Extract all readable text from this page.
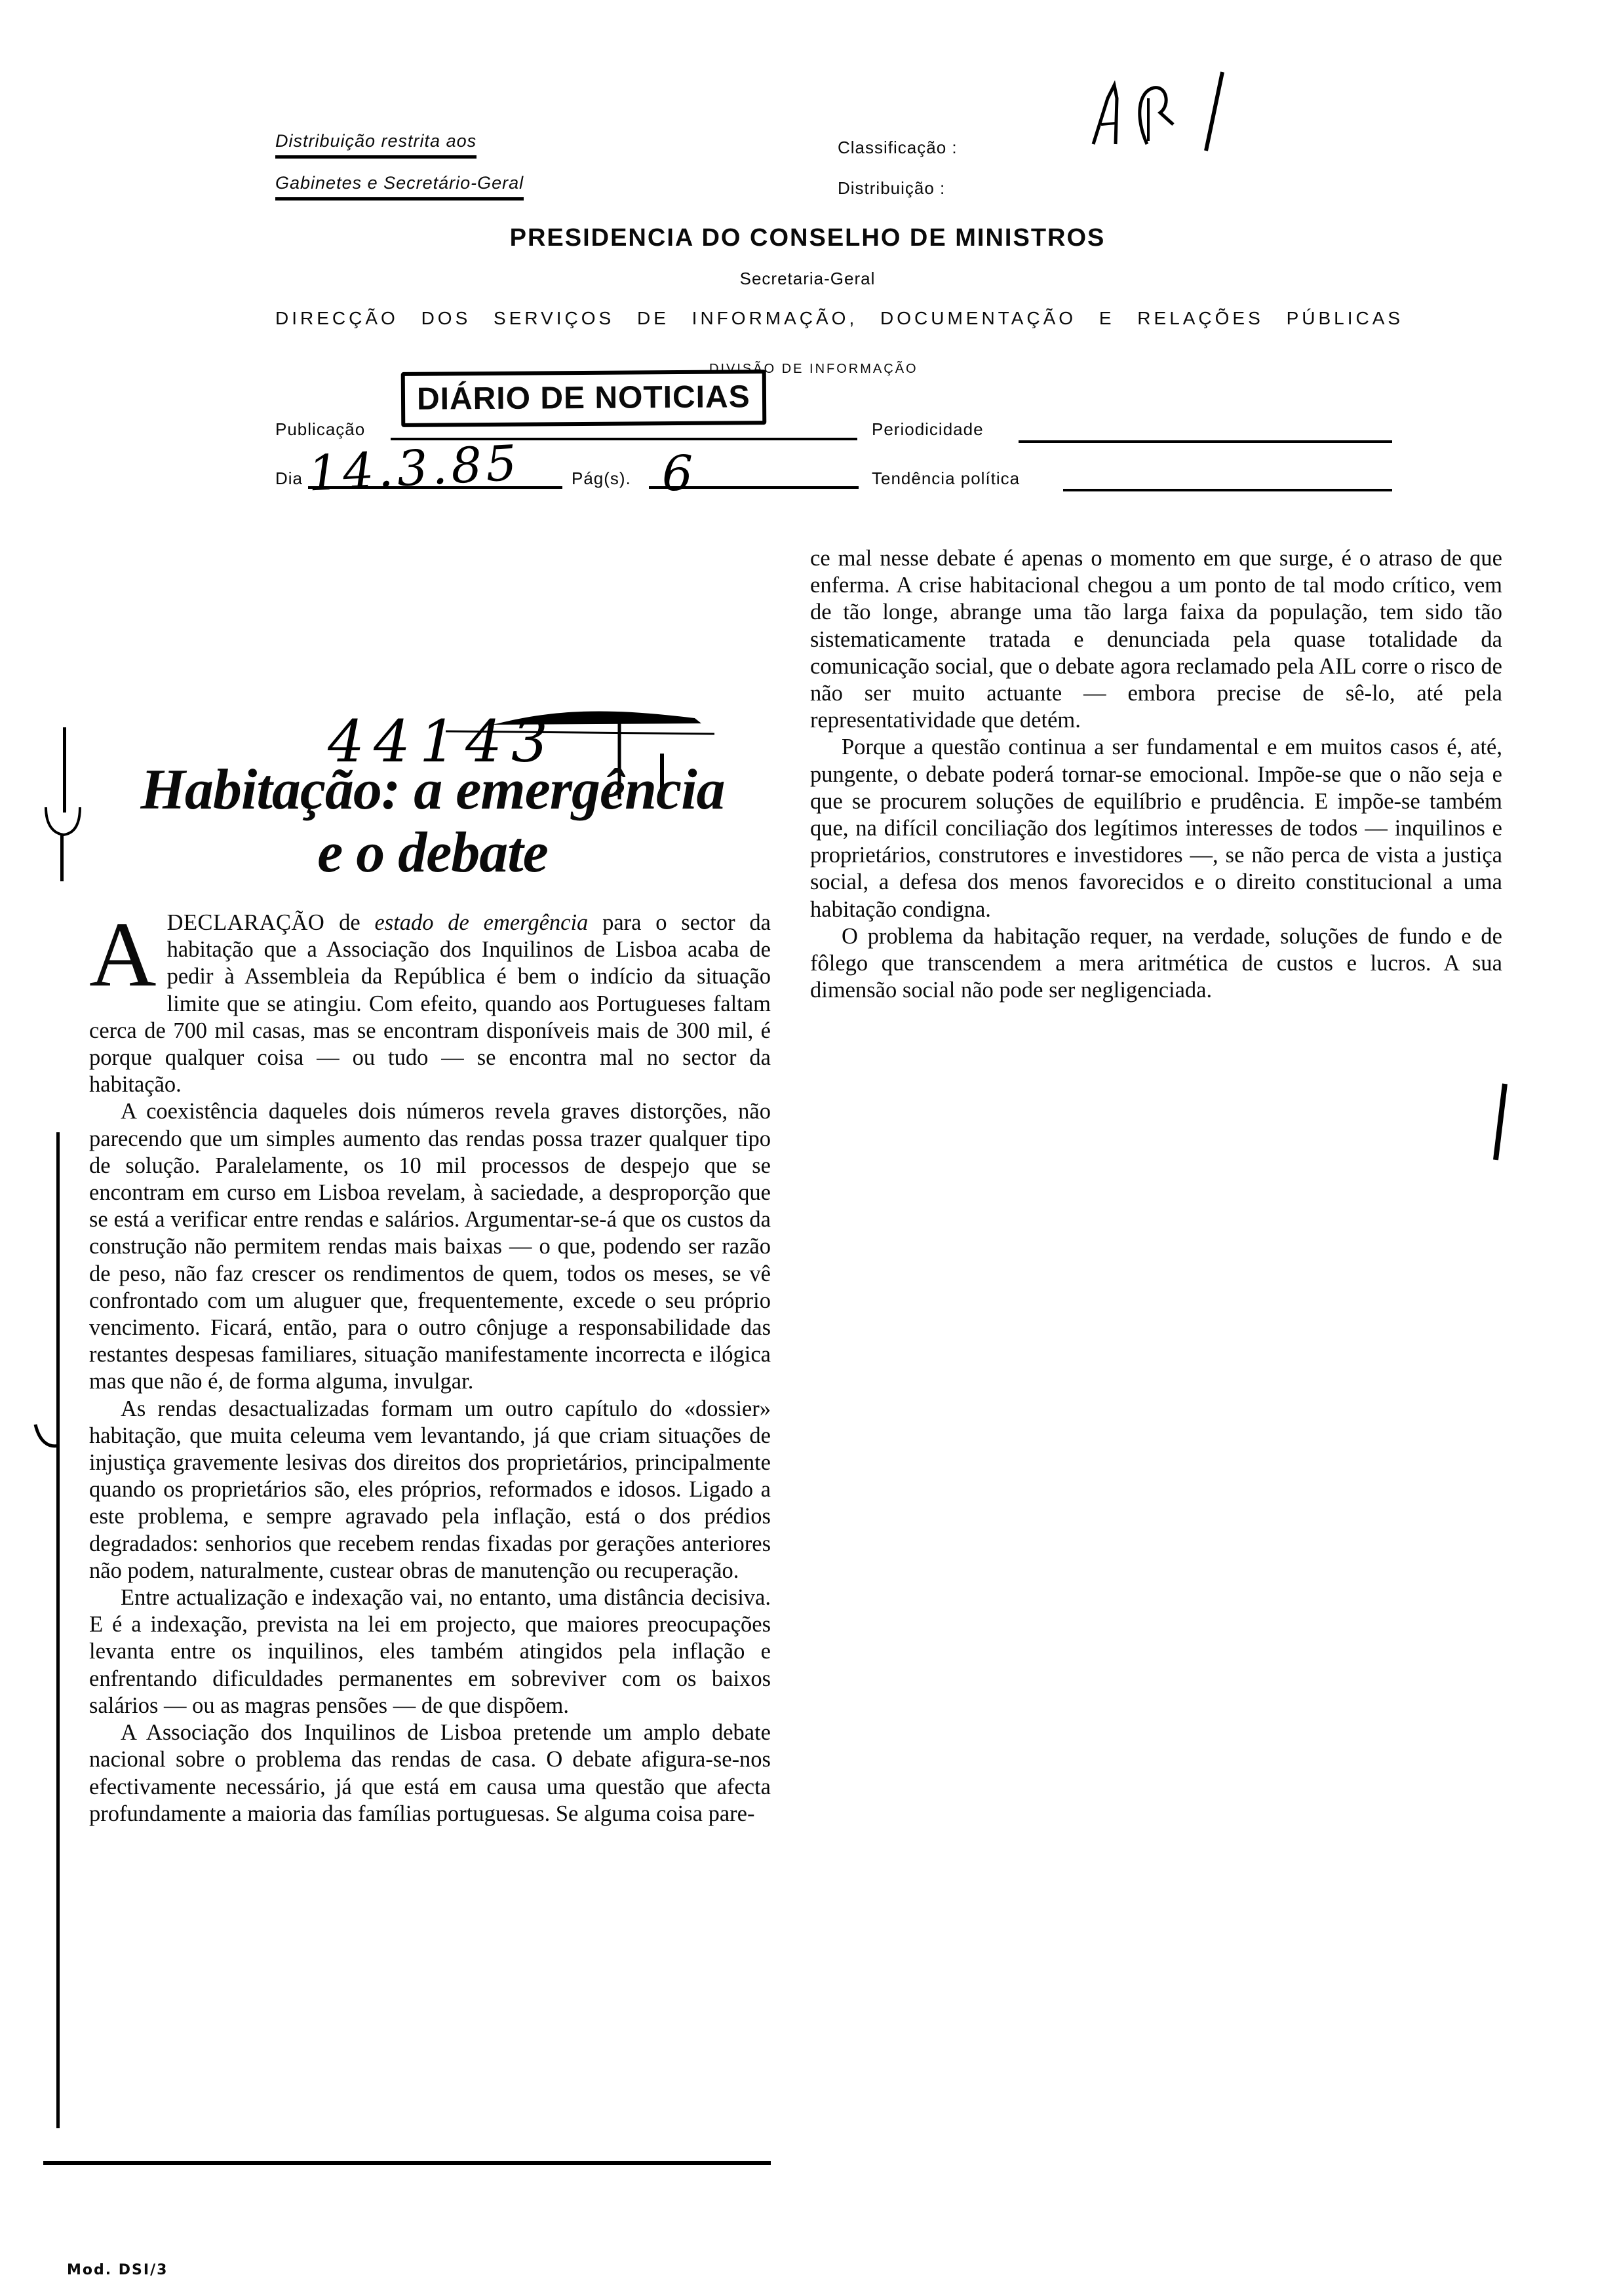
Distribuição restrita aos
Gabinetes e Secretário-Geral
Classificação :
Distribuição :
PRESIDENCIA DO CONSELHO DE MINISTROS
Secretaria-Geral
DIRECÇÃO DOS SERVIÇOS DE INFORMAÇÃO, DOCUMENTAÇÃO E RELAÇÕES PÚBLICAS
DIVISÃO DE INFORMAÇÃO
Publicação
DIÁRIO DE NOTICIAS
Periodicidade
Dia 14.3.85	Pág(s). 6	Tendência política
44143
Habitação: a emergência
e o debate

ADECLARAÇÃO de estado de emergência para o sector da habitação que a Associação dos Inquilinos de Lisboa acaba de pedir à Assembleia da República é bem o indício da situação limite que se atingiu. Com efeito, quando aos Portugueses faltam cerca de 700 mil casas, mas se encontram disponíveis mais de 300 mil, é porque qualquer coisa — ou tudo — se encontra mal no sector da habitação.

A coexistência daqueles dois números revela graves distorções, não parecendo que um simples aumento das rendas possa trazer qualquer tipo de solução. Paralelamente, os 10 mil processos de despejo que se encontram em curso em Lisboa revelam, à saciedade, a desproporção que se está a verificar entre rendas e salários. Argumentar-se-á que os custos da construção não permitem rendas mais baixas — o que, podendo ser razão de peso, não faz crescer os rendimentos de quem, todos os meses, se vê confrontado com um aluguer que, frequentemente, excede o seu próprio vencimento. Ficará, então, para o outro cônjuge a responsabilidade das restantes despesas familiares, situação manifestamente incorrecta e ilógica mas que não é, de forma alguma, invulgar.

As rendas desactualizadas formam um outro capítulo do «dossier» habitação, que muita celeuma vem levantando, já que criam situações de injustiça gravemente lesivas dos direitos dos proprietários, principalmente quando os proprietários são, eles próprios, reformados e idosos. Ligado a este problema, e sempre agravado pela inflação, está o dos prédios degradados: senhorios que recebem rendas fixadas por gerações anteriores não podem, naturalmente, custear obras de manutenção ou recuperação.

Entre actualização e indexação vai, no entanto, uma distância decisiva. E é a indexação, prevista na lei em projecto, que maiores preocupações levanta entre os inquilinos, eles também atingidos pela inflação e enfrentando dificuldades permanentes em sobreviver com os baixos salários — ou as magras pensões — de que dispõem.

A Associação dos Inquilinos de Lisboa pretende um amplo debate nacional sobre o problema das rendas de casa. O debate afigura-se-nos efectivamente necessário, já que está em causa uma questão que afecta profundamente a maioria das famílias portuguesas. Se alguma coisa pare-

ce mal nesse debate é apenas o momento em que surge, é o atraso de que enferma. A crise habitacional chegou a um ponto de tal modo crítico, vem de tão longe, abrange uma tão larga faixa da população, tem sido tão sistematicamente tratada e denunciada pela quase totalidade da comunicação social, que o debate agora reclamado pela AIL corre o risco de não ser muito actuante — embora precise de sê-lo, até pela representatividade que detém.

Porque a questão continua a ser fundamental e em muitos casos é, até, pungente, o debate poderá tornar-se emocional. Impõe-se que o não seja e que se procurem soluções de equilíbrio e prudência. E impõe-se também que, na difícil conciliação dos legítimos interesses de todos — inquilinos e proprietários, construtores e investidores —, se não perca de vista a justiça social, a defesa dos menos favorecidos e o direito constitucional a uma habitação condigna.

O problema da habitação requer, na verdade, soluções de fundo e de fôlego que transcendem a mera aritmética de custos e lucros. A sua dimensão social não pode ser negligenciada.

Mod. DSI/3
